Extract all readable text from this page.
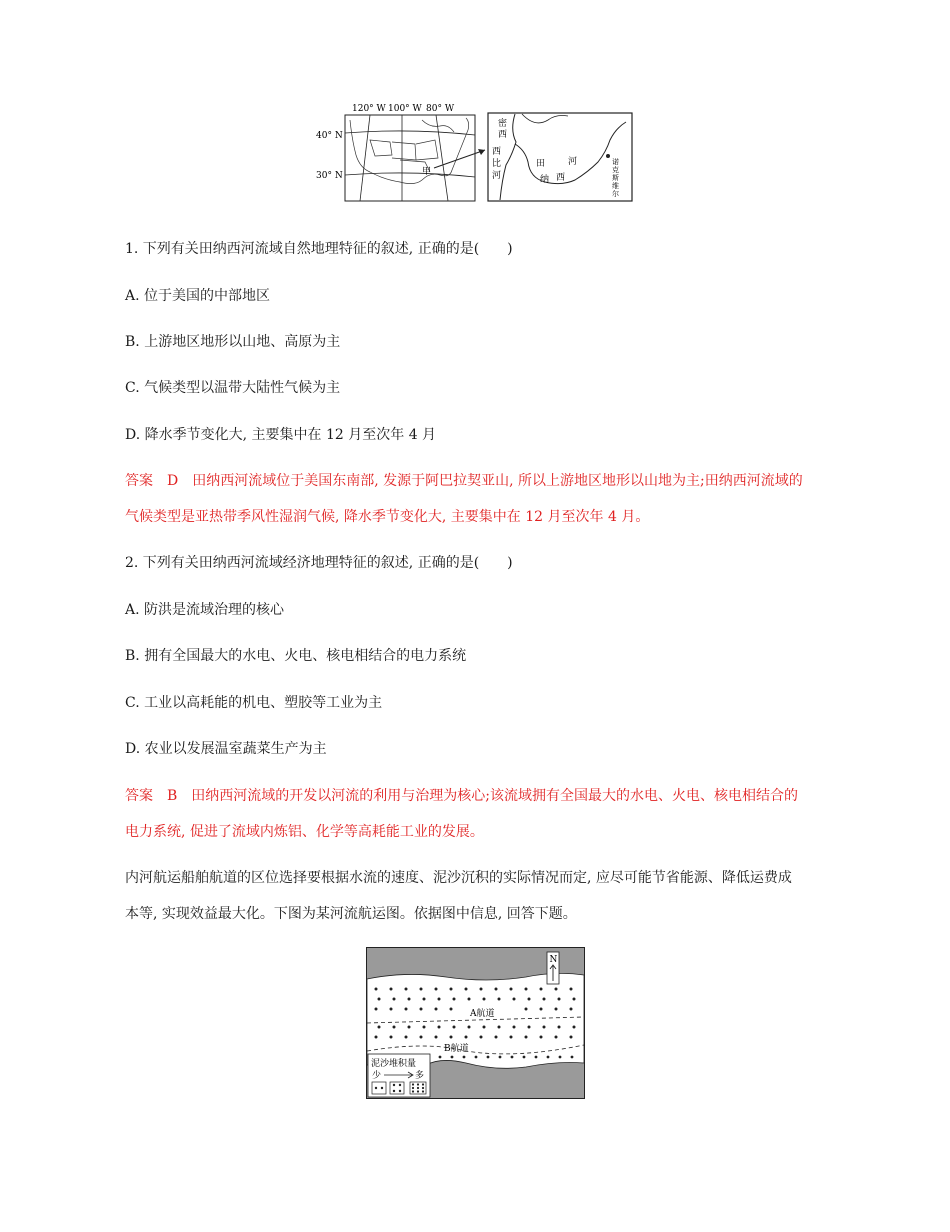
120° W 100° W 80° W
40° N
30° N	甲
密
西
西
比
河
田	河
纳 西
诺
克
斯
维
尔
1. 下列有关田纳西河流域自然地理特征的叙述, 正确的是(　　)
A. 位于美国的中部地区
B. 上游地区地形以山地、高原为主
C. 气候类型以温带大陆性气候为主
D. 降水季节变化大, 主要集中在 12 月至次年 4 月
答案　D 田纳西河流域位于美国东南部, 发源于阿巴拉契亚山, 所以上游地区地形以山地为主;田纳西河流域的
气候类型是亚热带季风性湿润气候, 降水季节变化大, 主要集中在 12 月至次年 4 月。
2. 下列有关田纳西河流域经济地理特征的叙述, 正确的是(　　)
A. 防洪是流域治理的核心
B. 拥有全国最大的水电、火电、核电相结合的电力系统
C. 工业以高耗能的机电、塑胶等工业为主
D. 农业以发展温室蔬菜生产为主
答案　B 田纳西河流域的开发以河流的利用与治理为核心;该流域拥有全国最大的水电、火电、核电相结合的
电力系统, 促进了流域内炼铝、化学等高耗能工业的发展。
内河航运船舶航道的区位选择要根据水流的速度、泥沙沉积的实际情况而定, 应尽可能节省能源、降低运费成
本等, 实现效益最大化。下图为某河流航运图。依据图中信息, 回答下题。
N
A航道
B航道
泥沙堆积量
少	多
